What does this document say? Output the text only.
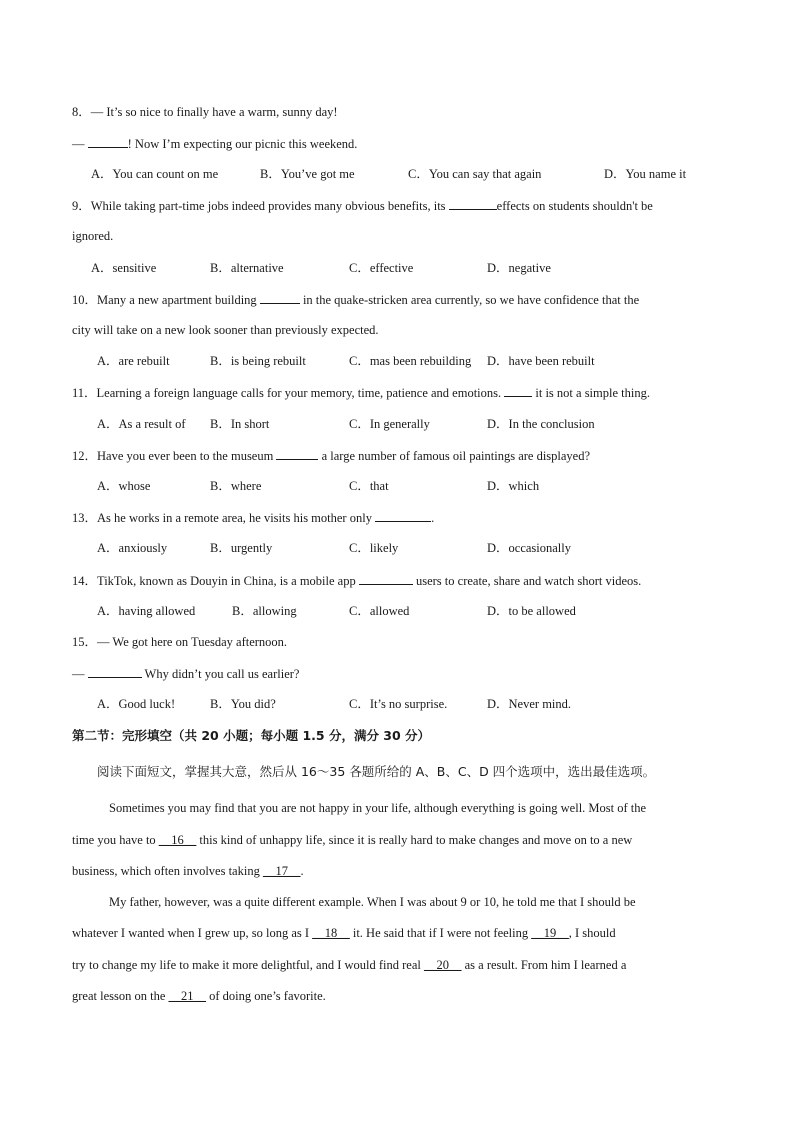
8．— It’s so nice to finally have a warm, sunny day!
—	! Now I’m expecting our picnic this weekend.
A．You can count on me	B．You’ve got me	C．You can say that again	D．You name it
9．While taking part-time jobs indeed provides many obvious benefits, its	effects on students shouldn't be
ignored.
A．sensitive	B．alternative	C．effective	D．negative
10．Many a new apartment building	in the quake-stricken area currently, so we have confidence that the
city will take on a new look sooner than previously expected.
A．are rebuilt	B．is being rebuilt	C．mas been rebuilding D．have been rebuilt
11．Learning a foreign language calls for your memory, time, patience and emotions.  it is not a simple thing.
A．As a result of B．In short	C．In generally	D．In the conclusion
12．Have you ever been to the museum	a large number of famous oil paintings are displayed?
A．whose	B．where	C．that	D．which
13．As he works in a remote area, he visits his mother only	.
A．anxiously	B．urgently	C．likely	D．occasionally
14．TikTok, known as Douyin in China, is a mobile app	users to create, share and watch short videos.
A．having allowed	B．allowing	C．allowed	D．to be allowed
15．— We got here on Tuesday afternoon.
—	Why didn’t you call us earlier?
A．Good luck!	B．You did?	C．It’s no surprise.	D．Never mind.
第二节：完形填空（共 20 小题；每小题 1.5 分，满分 30 分）
阅读下面短文，掌握其大意，然后从 16～35 各题所给的 A、B、C、D 四个选项中，选出最佳选项。
Sometimes you may find that you are not happy in your life, although everything is going well. Most of the
time you have to __16__ this kind of unhappy life, since it is really hard to make changes and move on to a new
business, which often involves taking __17__.
My father, however, was a quite different example. When I was about 9 or 10, he told me that I should be
whatever I wanted when I grew up, so long as I __18__ it. He said that if I were not feeling __19__, I should
try to change my life to make it more delightful, and I would find real __20__ as a result. From him I learned a
great lesson on the __21__ of doing one’s favorite.
